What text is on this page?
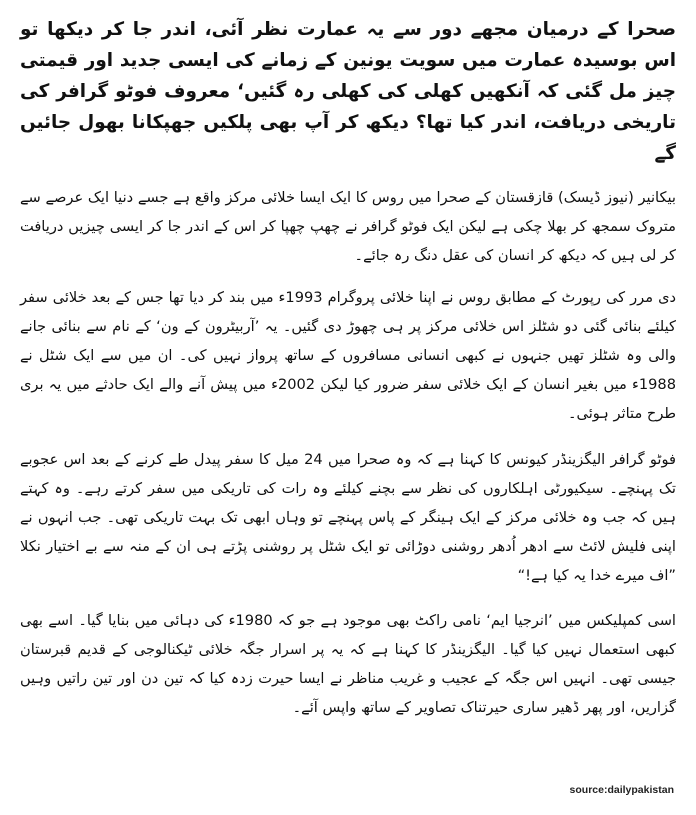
صحرا کے درمیان مجھے دور سے یہ عمارت نظر آئی، اندر جا کر دیکھا تو اس بوسیدہ عمارت میں سویت یونین کے زمانے کی ایسی جدید اور قیمتی چیز مل گئی کہ آنکھیں کھلی کی کھلی رہ گئیں‘ معروف فوٹو گرافر کی تاریخی دریافت، اندر کیا تھا؟ دیکھ کر آپ بھی پلکیں جھپکانا بھول جائیں گے

بیکانیر (نیوز ڈیسک) قازقستان کے صحرا میں روس کا ایک ایسا خلائی مرکز واقع ہے جسے دنیا ایک عرصے سے متروک سمجھ کر بھلا چکی ہے لیکن ایک فوٹو گرافر نے چھپ چھپا کر اس کے اندر جا کر ایسی چیزیں دریافت کر لی ہیں کہ دیکھ کر انسان کی عقل دنگ رہ جائے۔

دی مرر کی رپورٹ کے مطابق روس نے اپنا خلائی پروگرام 1993ء میں بند کر دیا تھا جس کے بعد خلائی سفر کیلئے بنائی گئی دو شٹلز اس خلائی مرکز پر ہی چھوڑ دی گئیں۔ یہ ’آربیٹرون کے ون‘ کے نام سے بنائی جانے والی وہ شٹلز تھیں جنہوں نے کبھی انسانی مسافروں کے ساتھ پرواز نہیں کی۔ ان میں سے ایک شٹل نے 1988ء میں بغیر انسان کے ایک خلائی سفر ضرور کیا لیکن 2002ء میں پیش آنے والے ایک حادثے میں یہ بری طرح متاثر ہوئی۔

فوٹو گرافر الیگزینڈر کیونس کا کہنا ہے کہ وہ صحرا میں 24 میل کا سفر پیدل طے کرنے کے بعد اس عجوبے تک پہنچے۔ سیکیورٹی اہلکاروں کی نظر سے بچنے کیلئے وہ رات کی تاریکی میں سفر کرتے رہے۔ وہ کہتے ہیں کہ جب وہ خلائی مرکز کے ایک ہینگر کے پاس پہنچے تو وہاں ابھی تک بہت تاریکی تھی۔ جب انہوں نے اپنی فلیش لائٹ سے ادھر اُدھر روشنی دوڑائی تو ایک شٹل پر روشنی پڑتے ہی ان کے منہ سے بے اختیار نکلا ”اف میرے خدا یہ کیا ہے!“

اسی کمپلیکس میں ’انرجیا ایم‘ نامی راکٹ بھی موجود ہے جو کہ 1980ء کی دہائی میں بنایا گیا۔ اسے بھی کبھی استعمال نہیں کیا گیا۔ الیگزینڈر کا کہنا ہے کہ یہ پر اسرار جگہ خلائی ٹیکنالوجی کے قدیم قبرستان جیسی تھی۔ انہیں اس جگہ کے عجیب و غریب مناظر نے ایسا حیرت زدہ کیا کہ تین دن اور تین راتیں وہیں گزاریں، اور پھر ڈھیر ساری حیرتناک تصاویر کے ساتھ واپس آئے۔

source:dailypakistan
